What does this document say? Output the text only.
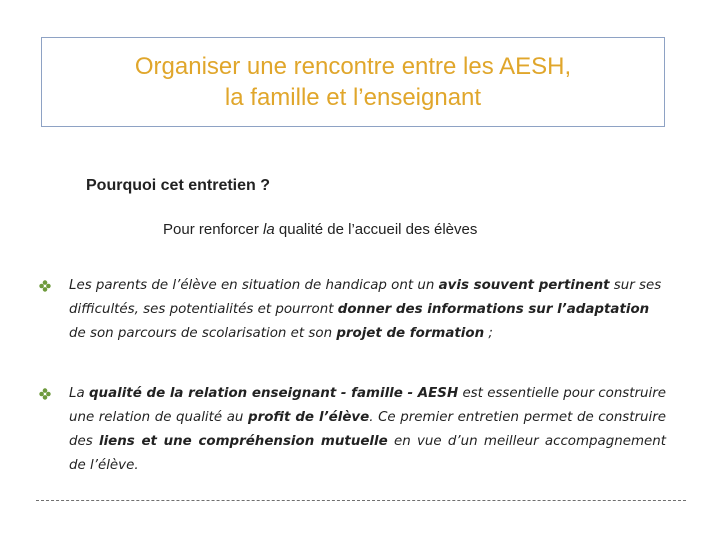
Organiser une rencontre entre les AESH,
la famille et l’enseignant
Pourquoi cet entretien ?
Pour renforcer la qualité de l’accueil des élèves
Les parents de l’élève en situation de handicap ont un avis souvent pertinent sur ses difficultés, ses potentialités et pourront donner des informations sur l’adaptation de son parcours de scolarisation et son projet de formation ;
La qualité de la relation enseignant - famille - AESH est essentielle pour construire une relation de qualité au profit de l’élève. Ce premier entretien permet de construire des liens et une compréhension mutuelle en vue d’un meilleur accompagnement de l’élève.
